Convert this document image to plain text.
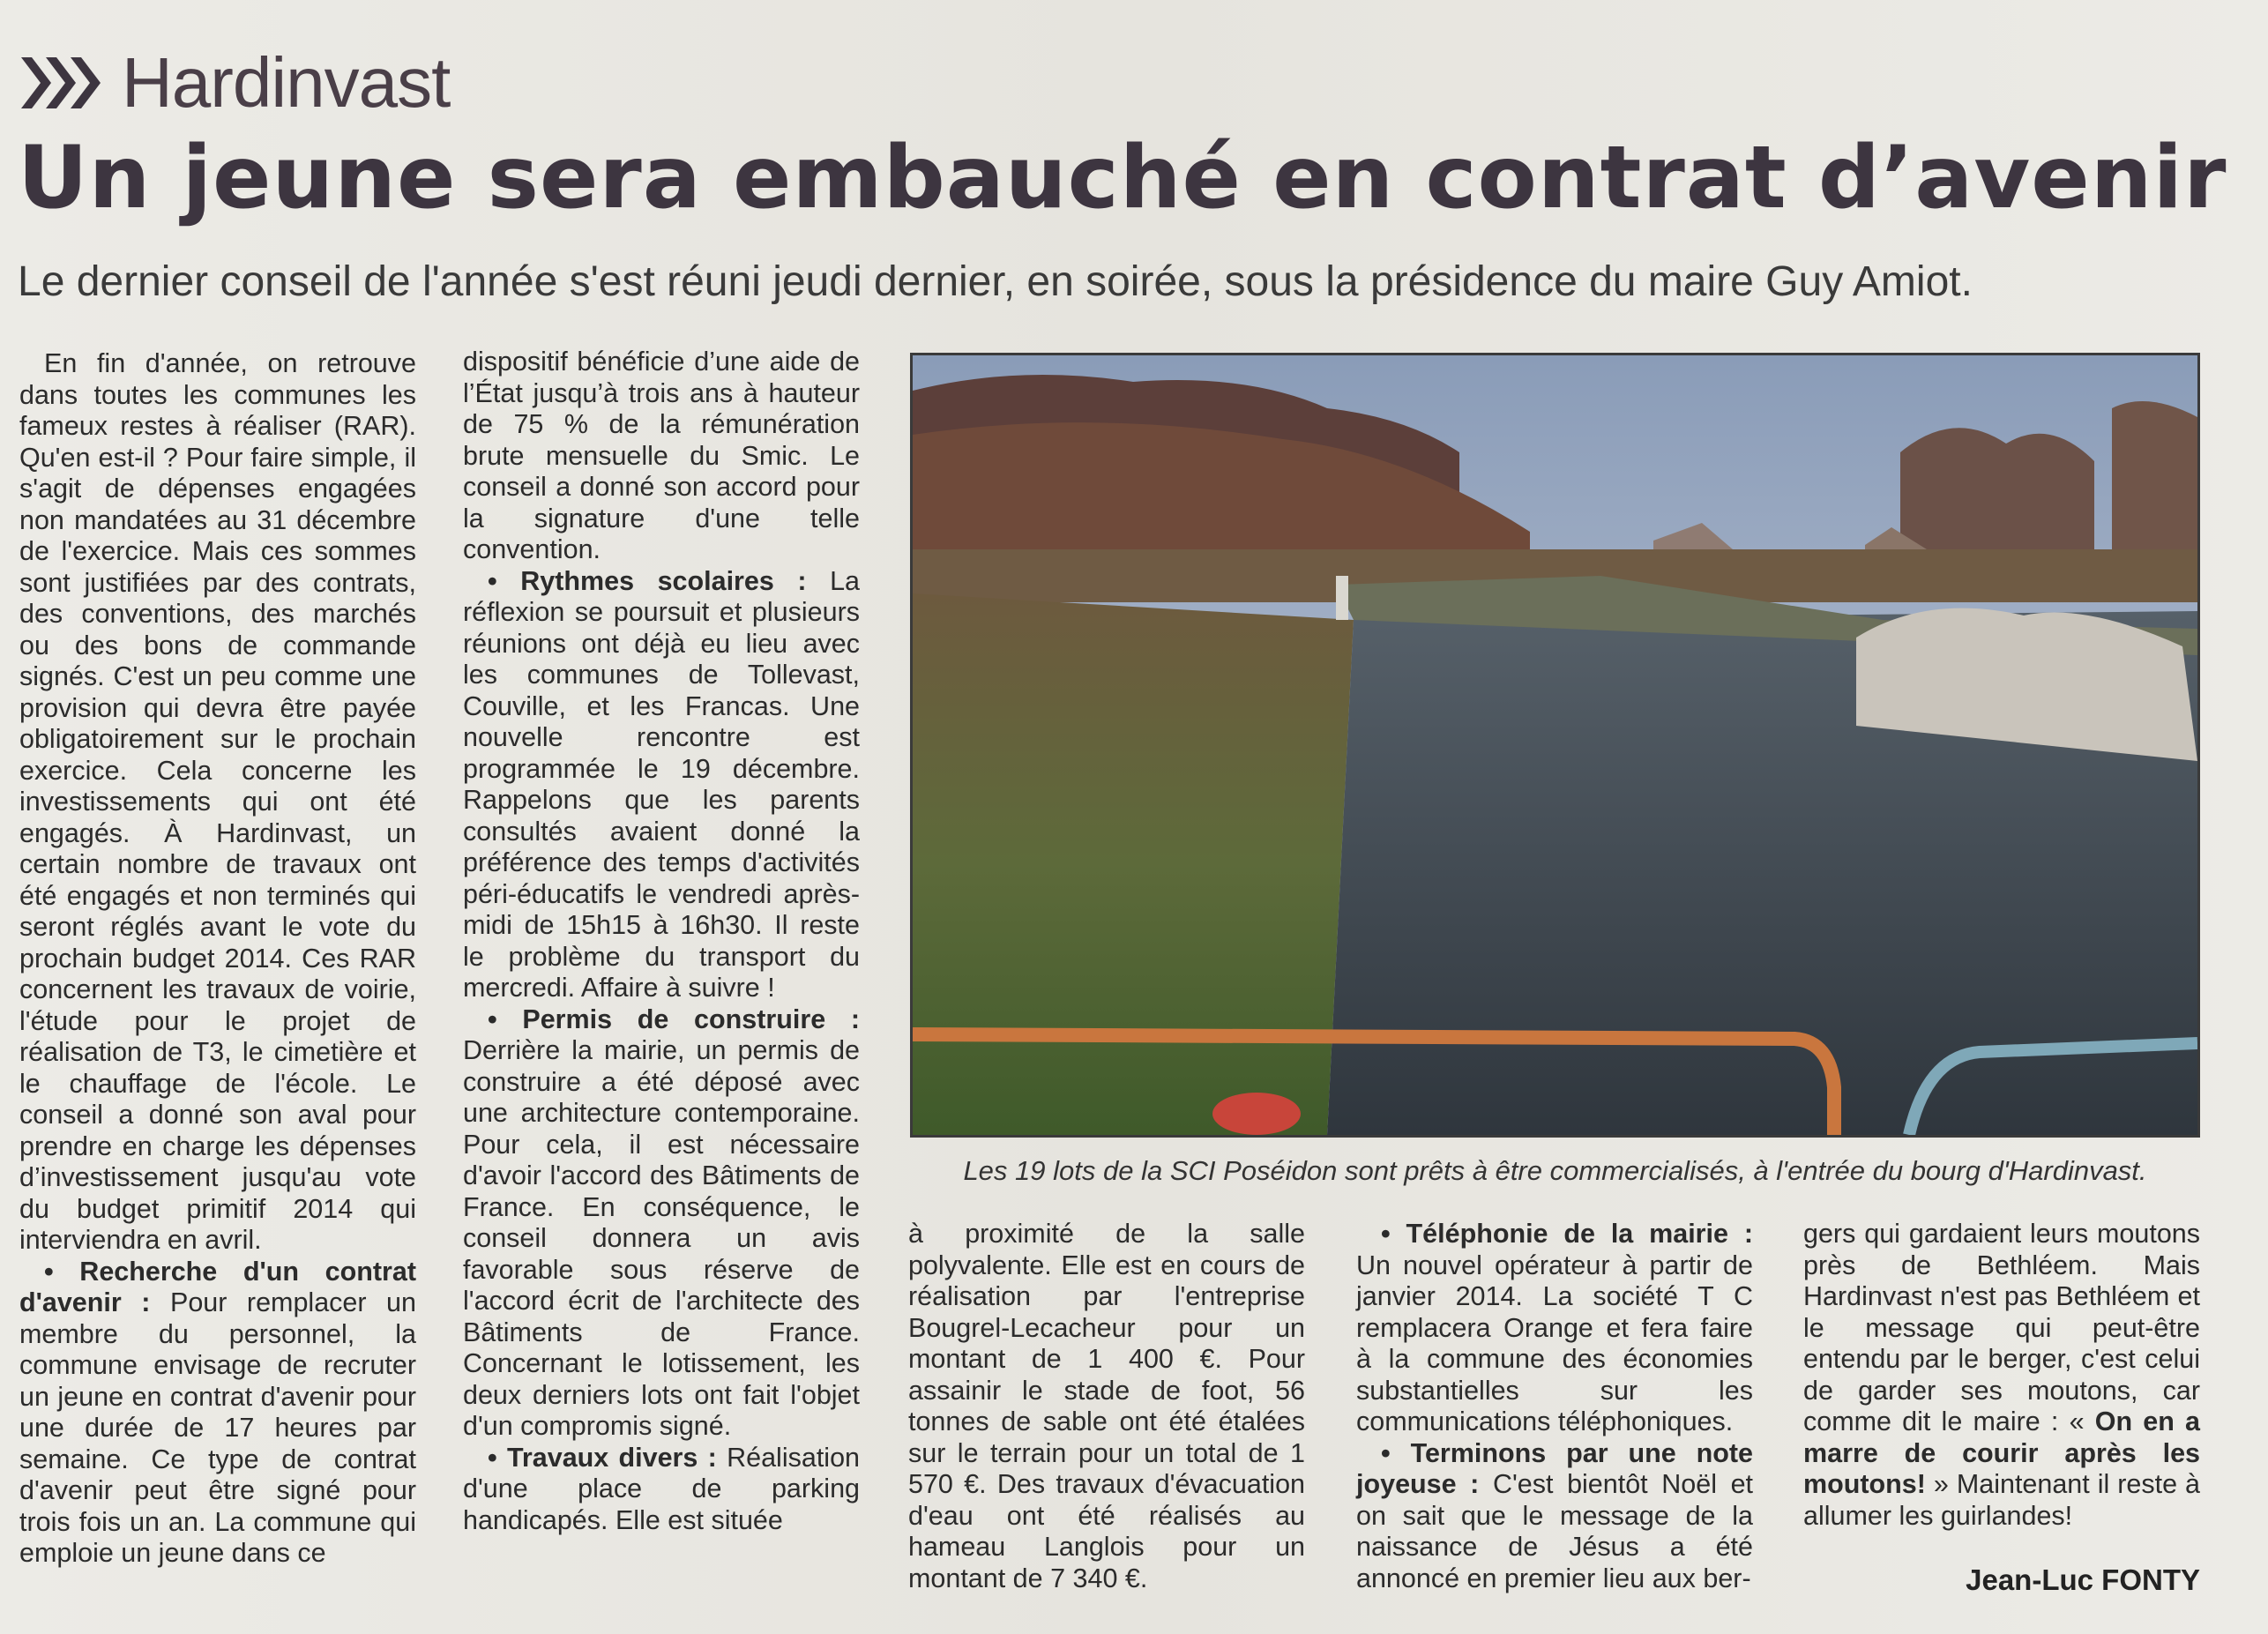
Hardinvast
Un jeune sera embauché en contrat d’avenir
Le dernier conseil de l'année s'est réuni jeudi dernier, en soirée, sous la présidence du maire Guy Amiot.

En fin d'année, on retrouve dans toutes les communes les fameux restes à réaliser (RAR). Qu'en est-il ? Pour faire simple, il s'agit de dépenses engagées non mandatées au 31 décembre de l'exercice. Mais ces sommes sont justifiées par des contrats, des conventions, des marchés ou des bons de commande signés. C'est un peu comme une provision qui devra être payée obligatoirement sur le prochain exercice. Cela concerne les investissements qui ont été engagés. À Hardinvast, un certain nombre de travaux ont été engagés et non terminés qui seront réglés avant le vote du prochain budget 2014. Ces RAR concernent les travaux de voirie, l'étude pour le projet de réalisation de T3, le cimetière et le chauffage de l'école. Le conseil a donné son aval pour prendre en charge les dépenses d’investissement jusqu'au vote du budget primitif 2014 qui interviendra en avril.

• Recherche d'un contrat d'avenir : Pour remplacer un membre du personnel, la commune envisage de recruter un jeune en contrat d'avenir pour une durée de 17 heures par semaine. Ce type de contrat d'avenir peut être signé pour trois fois un an. La commune qui emploie un jeune dans ce

dispositif bénéficie d’une aide de l’État jusqu’à trois ans à hauteur de 75 % de la rémunération brute mensuelle du Smic. Le conseil a donné son accord pour la signature d'une telle convention.

• Rythmes scolaires : La réflexion se poursuit et plusieurs réunions ont déjà eu lieu avec les communes de Tollevast, Couville, et les Francas. Une nouvelle rencontre est programmée le 19 décembre. Rappelons que les parents consultés avaient donné la préférence des temps d'activités péri-éducatifs le vendredi après-midi de 15h15 à 16h30. Il reste le problème du transport du mercredi. Affaire à suivre !

• Permis de construire : Derrière la mairie, un permis de construire a été déposé avec une architecture contemporaine. Pour cela, il est nécessaire d'avoir l'accord des Bâtiments de France. En conséquence, le conseil donnera un avis favorable sous réserve de l'accord écrit de l'architecte des Bâtiments de France. Concernant le lotissement, les deux derniers lots ont fait l'objet d'un compromis signé.

• Travaux divers : Réalisation d'une place de parking handicapés. Elle est située

Les 19 lots de la SCI Poséidon sont prêts à être commercialisés, à l'entrée du bourg d'Hardinvast.

à proximité de la salle polyvalente. Elle est en cours de réalisation par l'entreprise Bougrel-Lecacheur pour un montant de 1 400 €. Pour assainir le stade de foot, 56 tonnes de sable ont été étalées sur le terrain pour un total de 1 570 €. Des travaux d'évacuation d'eau ont été réalisés au hameau Langlois pour un montant de 7 340 €.

• Téléphonie de la mairie : Un nouvel opérateur à partir de janvier 2014. La société T C remplacera Orange et fera faire à la commune des économies substantielles sur les communications téléphoniques.

• Terminons par une note joyeuse : C'est bientôt Noël et on sait que le message de la naissance de Jésus a été annoncé en premier lieu aux ber-

gers qui gardaient leurs moutons près de Bethléem. Mais Hardinvast n'est pas Bethléem et le message qui peut-être entendu par le berger, c'est celui de garder ses moutons, car comme dit le maire : « On en a marre de courir après les moutons! » Maintenant il reste à allumer les guirlandes!

Jean-Luc FONTY
